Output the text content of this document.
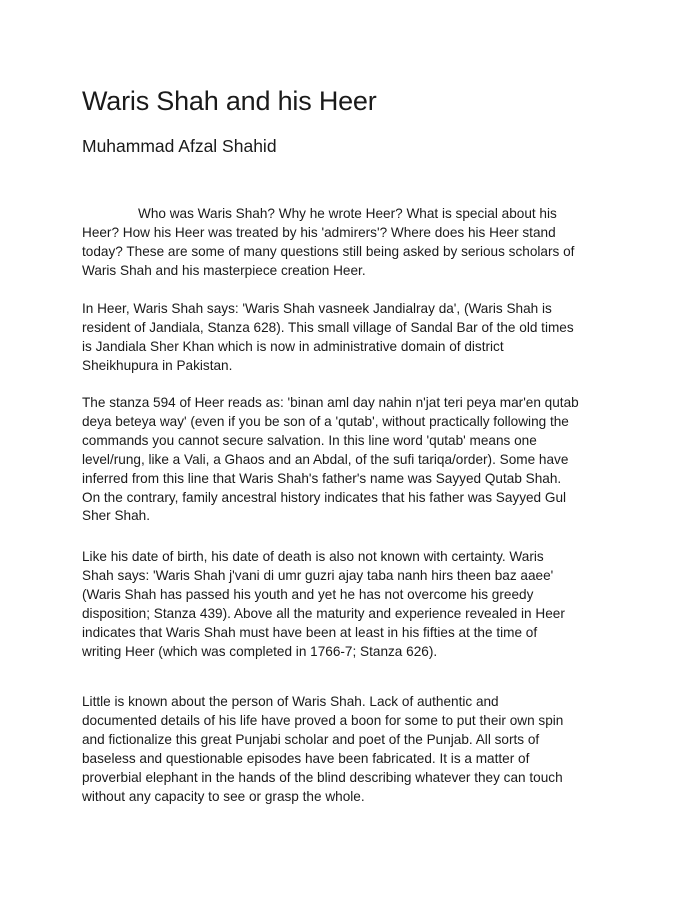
Waris Shah and his Heer
Muhammad Afzal Shahid
Who was Waris Shah? Why he wrote Heer? What is special about his
Heer? How his Heer was treated by his 'admirers'? Where does his Heer stand
today? These are some of many questions still being asked by serious scholars of
Waris Shah and his masterpiece creation Heer.
In Heer, Waris Shah says: 'Waris Shah vasneek Jandialray da', (Waris Shah is
resident of Jandiala, Stanza 628). This small village of Sandal Bar of the old times
is Jandiala Sher Khan which is now in administrative domain of district
Sheikhupura in Pakistan.
The stanza 594 of Heer reads as: 'binan aml day nahin n'jat teri peya mar'en qutab
deya beteya way' (even if you be son of a 'qutab', without practically following the
commands you cannot secure salvation. In this line word 'qutab' means one
level/rung, like a Vali, a Ghaos and an Abdal, of the sufi tariqa/order). Some have
inferred from this line that Waris Shah's father's name was Sayyed Qutab Shah.
On the contrary, family ancestral history indicates that his father was Sayyed Gul
Sher Shah.
Like his date of birth, his date of death is also not known with certainty. Waris
Shah says: 'Waris Shah j'vani di umr guzri ajay taba nanh hirs theen baz aaee'
(Waris Shah has passed his youth and yet he has not overcome his greedy
disposition; Stanza 439). Above all the maturity and experience revealed in Heer
indicates that Waris Shah must have been at least in his fifties at the time of
writing Heer (which was completed in 1766-7; Stanza 626).
Little is known about the person of Waris Shah. Lack of authentic and
documented details of his life have proved a boon for some to put their own spin
and fictionalize this great Punjabi scholar and poet of the Punjab. All sorts of
baseless and questionable episodes have been fabricated. It is a matter of
proverbial elephant in the hands of the blind describing whatever they can touch
without any capacity to see or grasp the whole.
